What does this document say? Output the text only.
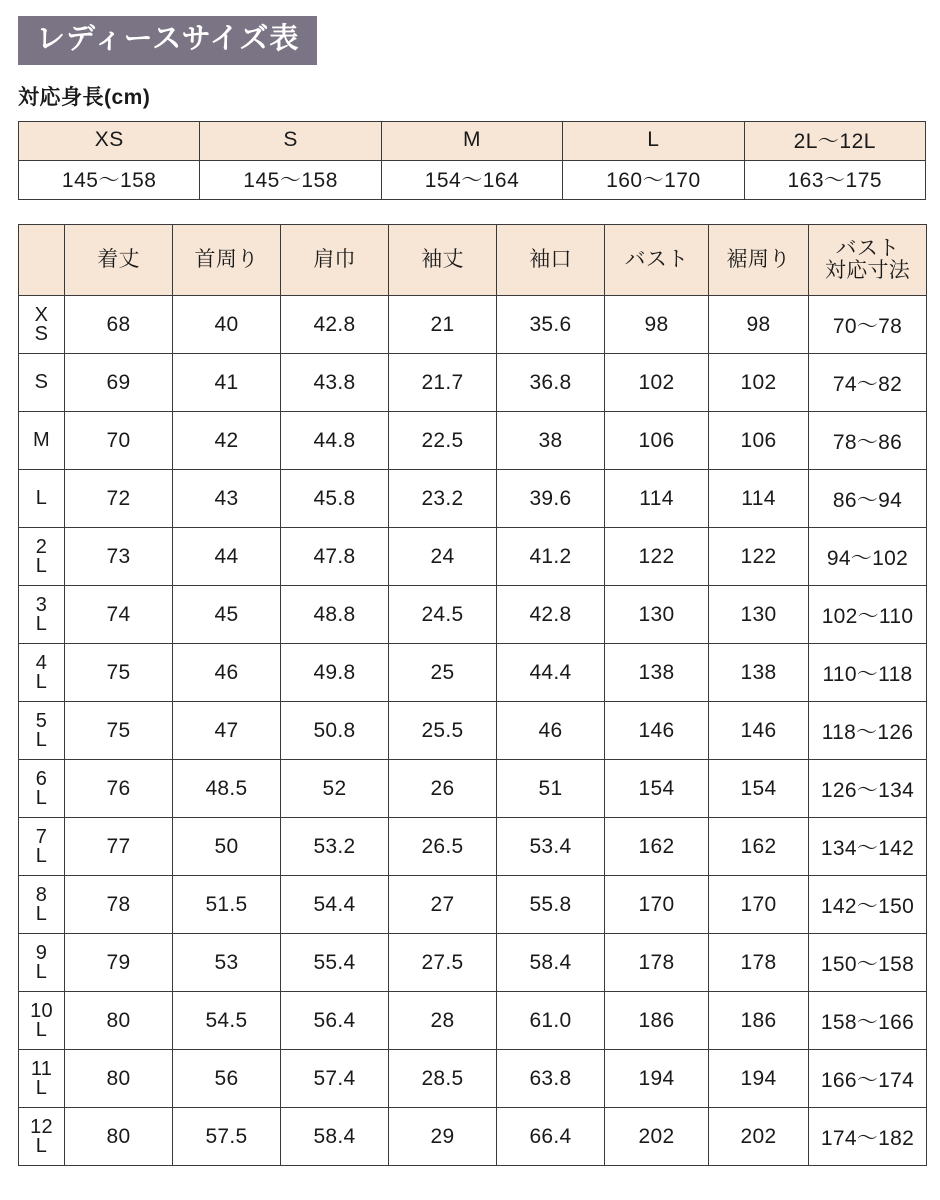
レディースサイズ表
対応身長(cm)
XS	S	M	L	2L〜12L
145〜158	145〜158	154〜164	160〜170	163〜175
	着丈	首周り	肩巾	袖丈	袖口	バスト	裾周り	バスト
対応寸法

X
S	68	40	42.8	21	35.6	98	98	70〜78

S	69	41	43.8	21.7	36.8	102	102	74〜82

M	70	42	44.8	22.5	38	106	106	78〜86

L	72	43	45.8	23.2	39.6	114	114	86〜94

2
L	73	44	47.8	24	41.2	122	122	94〜102

3
L	74	45	48.8	24.5	42.8	130	130	102〜110

4
L	75	46	49.8	25	44.4	138	138	110〜118

5
L	75	47	50.8	25.5	46	146	146	118〜126

6
L	76	48.5	52	26	51	154	154	126〜134

7
L	77	50	53.2	26.5	53.4	162	162	134〜142

8
L	78	51.5	54.4	27	55.8	170	170	142〜150

9
L	79	53	55.4	27.5	58.4	178	178	150〜158

10
L	80	54.5	56.4	28	61.0	186	186	158〜166

11
L	80	56	57.4	28.5	63.8	194	194	166〜174

12
L	80	57.5	58.4	29	66.4	202	202	174〜182
